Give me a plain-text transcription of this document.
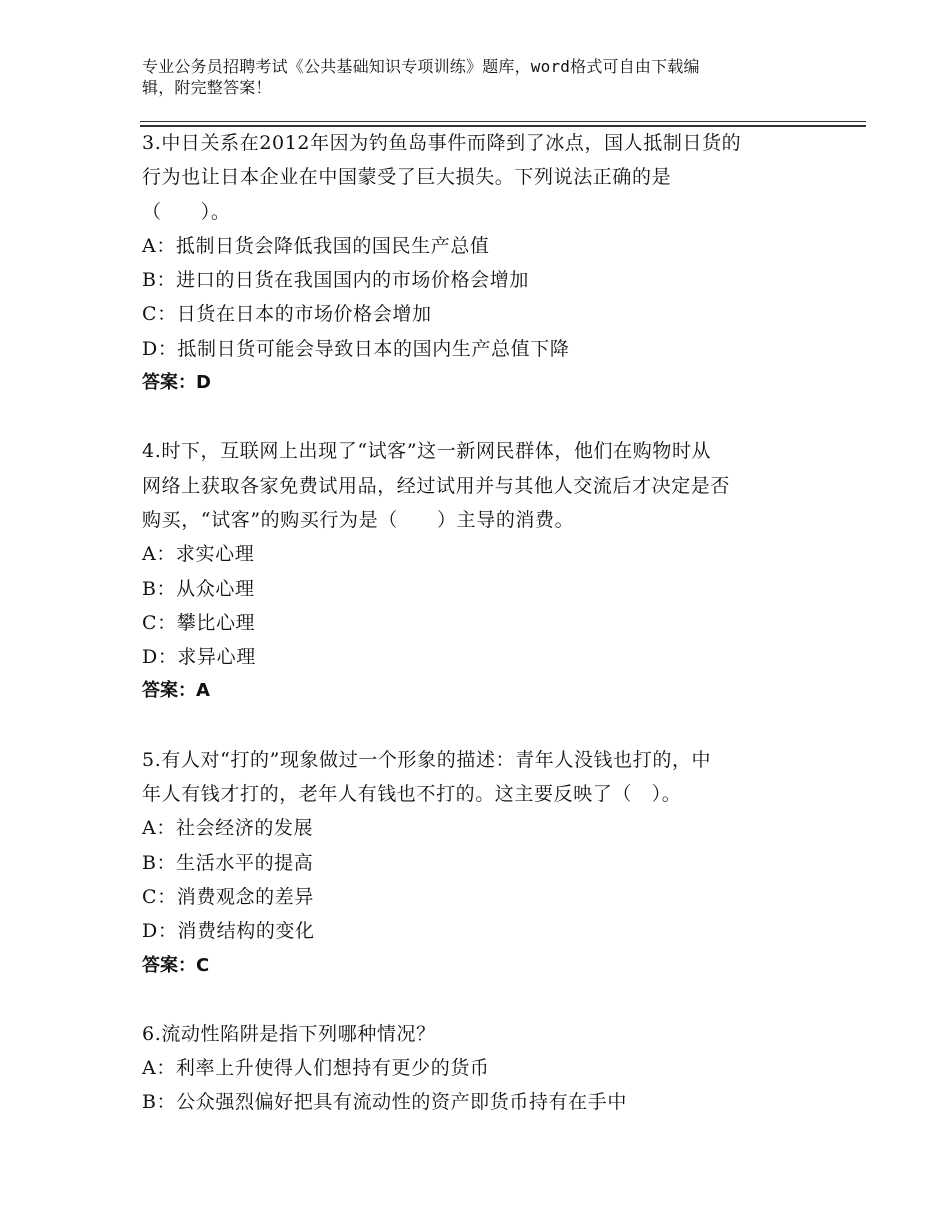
专业公务员招聘考试《公共基础知识专项训练》题库，word格式可自由下载编
辑，附完整答案！
3.中日关系在2012年因为钓鱼岛事件而降到了冰点，国人抵制日货的
行为也让日本企业在中国蒙受了巨大损失。下列说法正确的是
（　　）。
A：抵制日货会降低我国的国民生产总值
B：进口的日货在我国国内的市场价格会增加
C：日货在日本的市场价格会增加
D：抵制日货可能会导致日本的国内生产总值下降
答案：D
4.时下，互联网上出现了“试客”这一新网民群体，他们在购物时从
网络上获取各家免费试用品，经过试用并与其他人交流后才决定是否
购买，“试客”的购买行为是（　　）主导的消费。
A：求实心理
B：从众心理
C：攀比心理
D：求异心理
答案：A
5.有人对“打的”现象做过一个形象的描述：青年人没钱也打的，中
年人有钱才打的，老年人有钱也不打的。这主要反映了（　）。
A：社会经济的发展
B：生活水平的提高
C：消费观念的差异
D：消费结构的变化
答案：C
6.流动性陷阱是指下列哪种情况？
A：利率上升使得人们想持有更少的货币
B：公众强烈偏好把具有流动性的资产即货币持有在手中
